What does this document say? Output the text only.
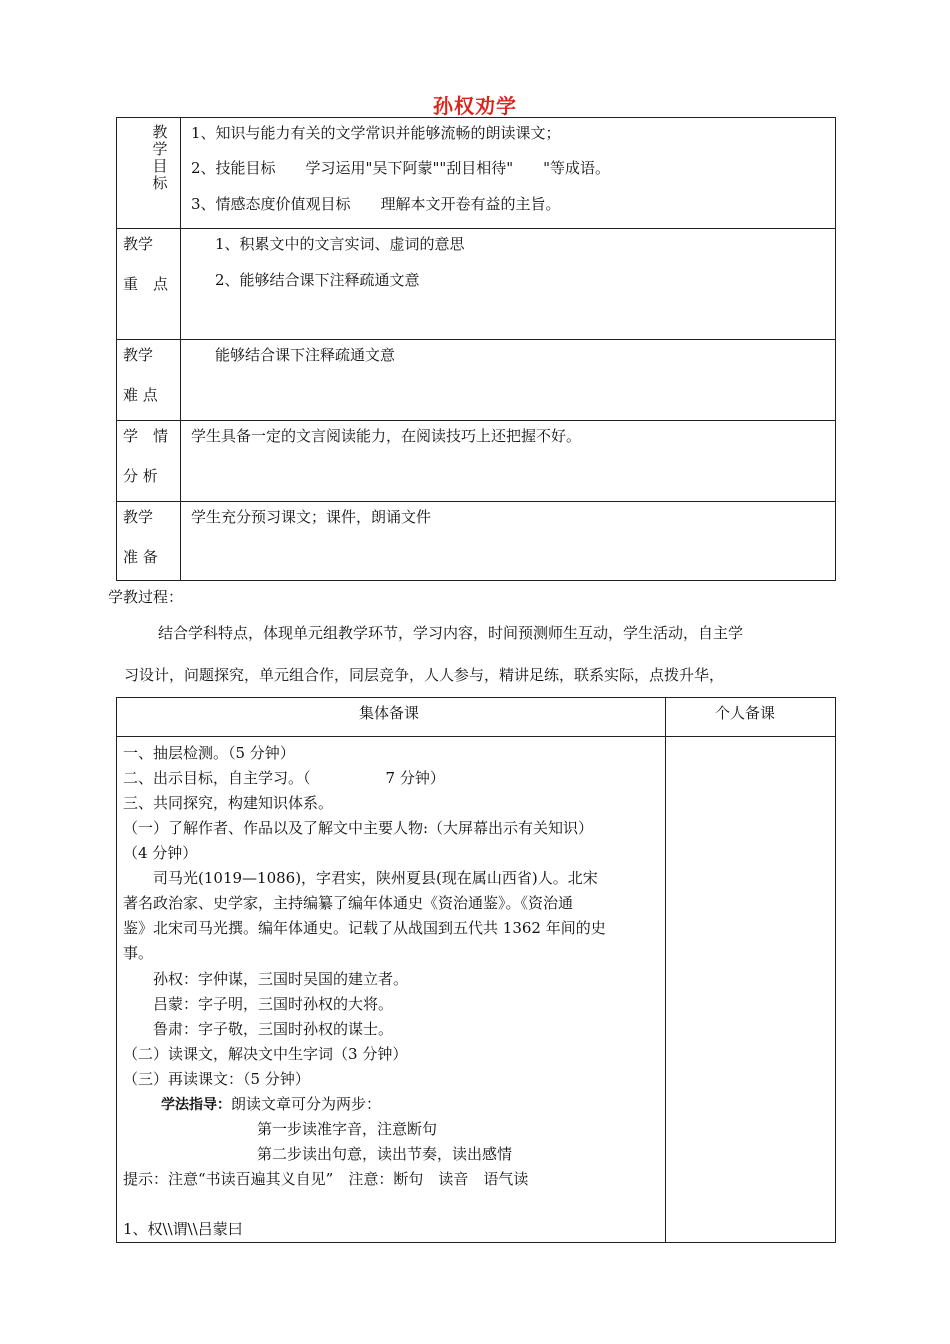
孙权劝学
教学目标
1、知识与能力有关的文学常识并能够流畅的朗读课文；
2、技能目标　　学习运用"吴下阿蒙""刮目相待"　　"等成语。
3、情感态度价值观目标　　理解本文开卷有益的主旨。
教学
重　点
1、积累文中的文言实词、虚词的意思
2、能够结合课下注释疏通文意
教学
难 点
能够结合课下注释疏通文意
学　情
分 析
学生具备一定的文言阅读能力，在阅读技巧上还把握不好。
教学
准 备
学生充分预习课文；课件，朗诵文件
学教过程：
结合学科特点，体现单元组教学环节，学习内容，时间预测师生互动，学生活动，自主学
习设计，问题探究，单元组合作，同层竞争，人人参与，精讲足练，联系实际，点拨升华，
集体备课	个人备课
一、抽层检测。（5 分钟）
二、出示目标，自主学习。（　　　　　7 分钟）
三、共同探究，构建知识体系。
（一）了解作者、作品以及了解文中主要人物:（大屏幕出示有关知识）
（4 分钟）
　　司马光(1019—1086)，字君实，陕州夏县(现在属山西省)人。北宋
著名政治家、史学家，主持编纂了编年体通史《资治通鉴》。《资治通
鉴》北宋司马光撰。编年体通史。记载了从战国到五代共 1362 年间的史
事。
　　孙权：字仲谋，三国时吴国的建立者。
　　吕蒙：字子明，三国时孙权的大将。
　　鲁肃：字子敬，三国时孙权的谋士。
（二）读课文，解决文中生字词（3 分钟）
（三）再读课文：（5 分钟）
学法指导：朗读文章可分为两步：
第一步读准字音，注意断句
第二步读出句意，读出节奏，读出感情
提示：注意“书读百遍其义自见”　注意：断句　读音　语气读
1、权\\谓\\吕蒙曰
